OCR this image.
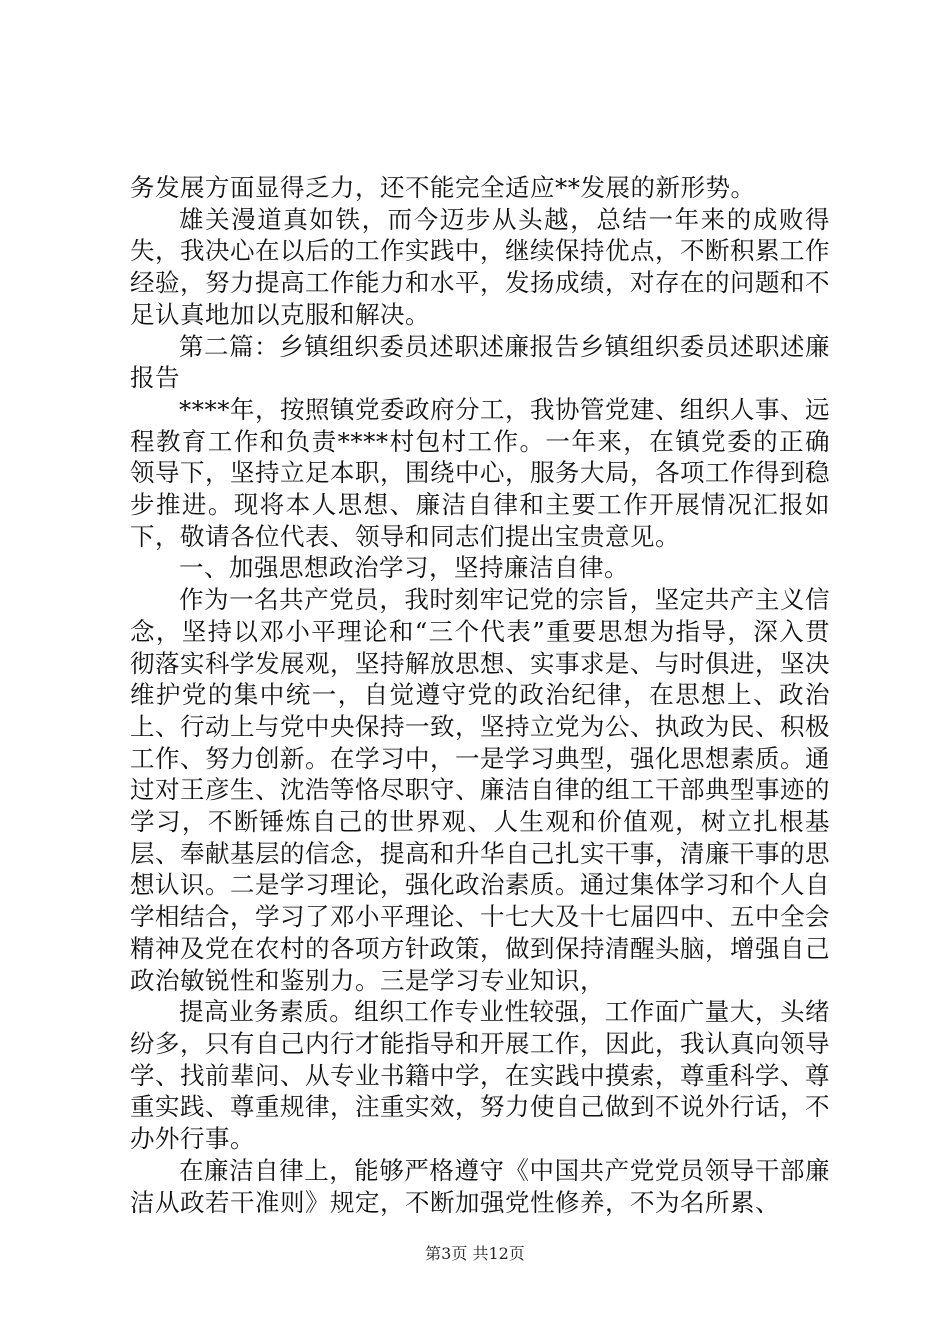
务发展方面显得乏力，还不能完全适应**发展的新形势。

雄关漫道真如铁，而今迈步从头越，总结一年来的成败得失，我决心在以后的工作实践中，继续保持优点，不断积累工作经验，努力提高工作能力和水平，发扬成绩，对存在的问题和不足认真地加以克服和解决。

第二篇：乡镇组织委员述职述廉报告乡镇组织委员述职述廉报告

****年，按照镇党委政府分工，我协管党建、组织人事、远程教育工作和负责****村包村工作。一年来，在镇党委的正确领导下，坚持立足本职，围绕中心，服务大局，各项工作得到稳步推进。现将本人思想、廉洁自律和主要工作开展情况汇报如下，敬请各位代表、领导和同志们提出宝贵意见。

一、加强思想政治学习，坚持廉洁自律。

作为一名共产党员，我时刻牢记党的宗旨，坚定共产主义信念，坚持以邓小平理论和“三个代表”重要思想为指导，深入贯彻落实科学发展观，坚持解放思想、实事求是、与时俱进，坚决维护党的集中统一，自觉遵守党的政治纪律，在思想上、政治上、行动上与党中央保持一致，坚持立党为公、执政为民、积极工作、努力创新。在学习中，一是学习典型，强化思想素质。通过对王彦生、沈浩等恪尽职守、廉洁自律的组工干部典型事迹的学习，不断锤炼自己的世界观、人生观和价值观，树立扎根基层、奉献基层的信念，提高和升华自己扎实干事，清廉干事的思想认识。二是学习理论，强化政治素质。通过集体学习和个人自学相结合，学习了邓小平理论、十七大及十七届四中、五中全会精神及党在农村的各项方针政策，做到保持清醒头脑，增强自己政治敏锐性和鉴别力。三是学习专业知识，

提高业务素质。组织工作专业性较强，工作面广量大，头绪纷多，只有自己内行才能指导和开展工作，因此，我认真向领导学、找前辈问、从专业书籍中学，在实践中摸索，尊重科学、尊重实践、尊重规律，注重实效，努力使自己做到不说外行话，不办外行事。

在廉洁自律上，能够严格遵守《中国共产党党员领导干部廉洁从政若干准则》规定，不断加强党性修养，不为名所累、

第3页 共12页
